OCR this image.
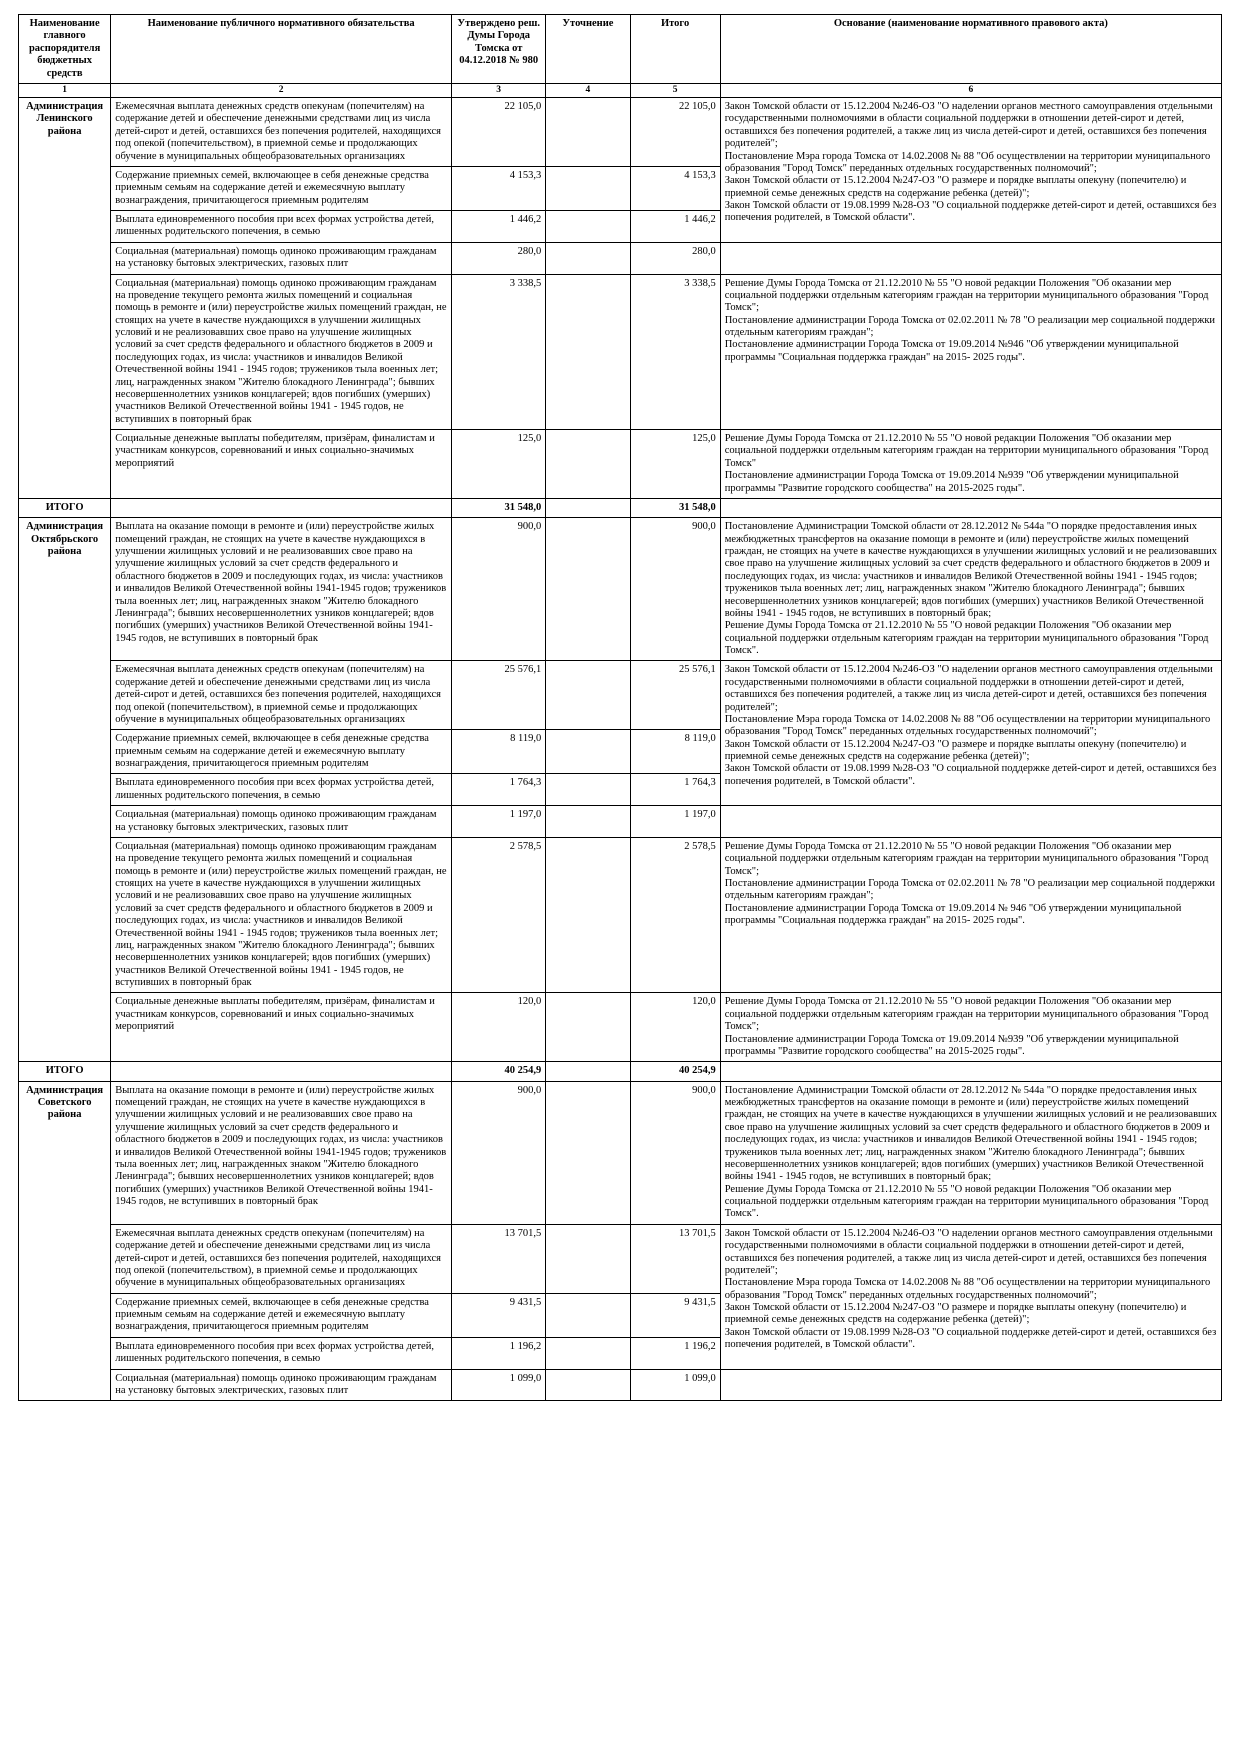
Наименование главного распорядителя бюджетных средств	Наименование публичного нормативного обязательства	Утверждено реш. Думы Города Томска от 04.12.2018 № 980	Уточнение	Итого	Основание (наименование нормативного правового акта)
1	2	3	4	5	6
Администрация Ленинского района	Ежемесячная выплата денежных средств опекунам (попечителям) на содержание детей и обеспечение денежными средствами лиц из числа детей-сирот и детей, оставшихся без попечения родителей, находящихся под опекой (попечительством), в приемной семье и продолжающих обучение в муниципальных общеобразовательных организациях	22 105,0		22 105,0	Закон Томской области от 15.12.2004 №246-ОЗ "О наделении органов местного самоуправления отдельными государственными полномочиями в области социальной поддержки в отношении детей-сирот и детей, оставшихся без попечения родителей, а также лиц из числа детей-сирот и детей, оставшихся без попечения родителей";
Постановление Мэра города Томска от 14.02.2008 № 88 "Об осуществлении на территории муниципального образования "Город Томск" переданных отдельных государственных полномочий";
Закон Томской области от 15.12.2004 №247-ОЗ "О размере и порядке выплаты опекуну (попечителю) и приемной семье денежных средств на содержание ребенка (детей)";
Закон Томской области от 19.08.1999 №28-ОЗ "О социальной поддержке детей-сирот и детей, оставшихся без попечения родителей, в Томской области".
	Содержание приемных семей, включающее в себя денежные средства приемным семьям на содержание детей и ежемесячную выплату вознаграждения, причитающегося приемным родителям	4 153,3		4 153,3	
	Выплата единовременного пособия при всех формах устройства детей, лишенных родительского попечения, в семью	1 446,2		1 446,2	
	Социальная (материальная) помощь одиноко проживающим гражданам на установку бытовых электрических, газовых плит	280,0		280,0	
Социальная (материальная) помощь одиноко проживающим гражданам на проведение текущего ремонта жилых помещений и социальная помощь в ремонте и (или) переустройстве жилых помещений граждан, не стоящих на учете в качестве нуждающихся в улучшении жилищных условий и не реализовавших свое право на улучшение жилищных условий за счет средств федерального и областного бюджетов в 2009 и последующих годах, из числа: участников и инвалидов Великой Отечественной войны 1941 - 1945 годов; тружеников тыла военных лет; лиц, награжденных знаком "Жителю блокадного Ленинграда"; бывших несовершеннолетних узников концлагерей; вдов погибших (умерших) участников Великой Отечественной войны 1941 - 1945 годов, не вступивших в повторный брак	3 338,5		3 338,5	Решение Думы Города Томска от 21.12.2010 № 55 "О новой редакции Положения "Об оказании мер социальной поддержки отдельным категориям граждан на территории муниципального образования "Город Томск";
Постановление администрации Города Томска от 02.02.2011 № 78 "О реализации мер социальной поддержки отдельным категориям граждан";
Постановление администрации Города Томска от 19.09.2014 №946 "Об утверждении муниципальной программы "Социальная поддержка граждан" на 2015- 2025 годы".
	Социальные денежные выплаты победителям, призёрам, финалистам и участникам конкурсов, соревнований и иных социально-значимых мероприятий	125,0		125,0	Решение Думы Города Томска от 21.12.2010 № 55 "О новой редакции Положения "Об оказании мер социальной поддержки отдельным категориям граждан на территории муниципального образования "Город Томск"
Постановление администрации Города Томска от 19.09.2014 №939 "Об утверждении муниципальной программы "Развитие городского сообщества" на 2015-2025 годы".
ИТОГО		31 548,0		31 548,0	
Администрация Октябрьского района	Выплата на оказание помощи в ремонте и (или) переустройстве жилых помещений граждан, не стоящих на учете в качестве нуждающихся в улучшении жилищных условий и не реализовавших свое право на улучшение жилищных условий за счет средств федерального и областного бюджетов в 2009 и последующих годах, из числа: участников и инвалидов Великой Отечественной войны 1941-1945 годов; тружеников тыла военных лет; лиц, награжденных знаком "Жителю блокадного Ленинграда"; бывших несовершеннолетних узников концлагерей; вдов погибших (умерших) участников Великой Отечественной войны 1941-1945 годов, не вступивших в повторный брак	900,0		900,0	Постановление Администрации Томской области от 28.12.2012 № 544а "О порядке предоставления иных межбюджетных трансфертов на оказание помощи в ремонте и (или) переустройстве жилых помещений граждан, не стоящих на учете в качестве нуждающихся в улучшении жилищных условий и не реализовавших свое право на улучшение жилищных условий за счет средств федерального и областного бюджетов в 2009 и последующих годах, из числа: участников и инвалидов Великой Отечественной войны 1941 - 1945 годов; тружеников тыла военных лет; лиц, награжденных знаком "Жителю блокадного Ленинграда"; бывших несовершеннолетних узников концлагерей; вдов погибших (умерших) участников Великой Отечественной войны 1941 - 1945 годов, не вступивших в повторный брак;
Решение Думы Города Томска от 21.12.2010 № 55 "О новой редакции Положения "Об оказании мер социальной поддержки отдельным категориям граждан на территории муниципального образования "Город Томск".
Ежемесячная выплата денежных средств опекунам (попечителям) на содержание детей и обеспечение денежными средствами лиц из числа детей-сирот и детей, оставшихся без попечения родителей, находящихся под опекой (попечительством), в приемной семье и продолжающих обучение в муниципальных общеобразовательных организациях	25 576,1		25 576,1	Закон Томской области от 15.12.2004 №246-ОЗ "О наделении органов местного самоуправления отдельными государственными полномочиями в области социальной поддержки в отношении детей-сирот и детей, оставшихся без попечения родителей, а также лиц из числа детей-сирот и детей, оставшихся без попечения родителей";
Постановление Мэра города Томска от 14.02.2008 № 88 "Об осуществлении на территории муниципального образования "Город Томск" переданных отдельных государственных полномочий";
Закон Томской области от 15.12.2004 №247-ОЗ "О размере и порядке выплаты опекуну (попечителю) и приемной семье денежных средств на содержание ребенка (детей)";
Закон Томской области от 19.08.1999 №28-ОЗ "О социальной поддержке детей-сирот и детей, оставшихся без попечения родителей, в Томской области".
	Содержание приемных семей, включающее в себя денежные средства приемным семьям на содержание детей и ежемесячную выплату вознаграждения, причитающегося приемным родителям	8 119,0		8 119,0	
	Выплата единовременного пособия при всех формах устройства детей, лишенных родительского попечения, в семью	1 764,3		1 764,3	
	Социальная (материальная) помощь одиноко проживающим гражданам на установку бытовых электрических, газовых плит	1 197,0		1 197,0	
Социальная (материальная) помощь одиноко проживающим гражданам на проведение текущего ремонта жилых помещений и социальная помощь в ремонте и (или) переустройстве жилых помещений граждан, не стоящих на учете в качестве нуждающихся в улучшении жилищных условий и не реализовавших свое право на улучшение жилищных условий за счет средств федерального и областного бюджетов в 2009 и последующих годах, из числа: участников и инвалидов Великой Отечественной войны 1941 - 1945 годов; тружеников тыла военных лет; лиц, награжденных знаком "Жителю блокадного Ленинграда"; бывших несовершеннолетних узников концлагерей; вдов погибших (умерших) участников Великой Отечественной войны 1941 - 1945 годов, не вступивших в повторный брак	2 578,5		2 578,5	Решение Думы Города Томска от 21.12.2010 № 55 "О новой редакции Положения "Об оказании мер социальной поддержки отдельным категориям граждан на территории муниципального образования "Город Томск";
Постановление администрации Города Томска от 02.02.2011 № 78 "О реализации мер социальной поддержки отдельным категориям граждан";
Постановление администрации Города Томска от 19.09.2014 № 946 "Об утверждении муниципальной программы "Социальная поддержка граждан" на 2015- 2025 годы".
	Социальные денежные выплаты победителям, призёрам, финалистам и участникам конкурсов, соревнований и иных социально-значимых мероприятий	120,0		120,0	Решение Думы Города Томска от 21.12.2010 № 55 "О новой редакции Положения "Об оказании мер социальной поддержки отдельным категориям граждан на территории муниципального образования "Город Томск";
Постановление администрации Города Томска от 19.09.2014 №939 "Об утверждении муниципальной программы "Развитие городского сообщества" на 2015-2025 годы".
ИТОГО		40 254,9		40 254,9	
Администрация Советского района	Выплата на оказание помощи в ремонте и (или) переустройстве жилых помещений граждан, не стоящих на учете в качестве нуждающихся в улучшении жилищных условий и не реализовавших свое право на улучшение жилищных условий за счет средств федерального и областного бюджетов в 2009 и последующих годах, из числа: участников и инвалидов Великой Отечественной войны 1941-1945 годов; тружеников тыла военных лет; лиц, награжденных знаком "Жителю блокадного Ленинграда"; бывших несовершеннолетних узников концлагерей; вдов погибших (умерших) участников Великой Отечественной войны 1941-1945 годов, не вступивших в повторный брак	900,0		900,0	Постановление Администрации Томской области от 28.12.2012 № 544а "О порядке предоставления иных межбюджетных трансфертов на оказание помощи в ремонте и (или) переустройстве жилых помещений граждан, не стоящих на учете в качестве нуждающихся в улучшении жилищных условий и не реализовавших свое право на улучшение жилищных условий за счет средств федерального и областного бюджетов в 2009 и последующих годах, из числа: участников и инвалидов Великой Отечественной войны 1941 - 1945 годов; тружеников тыла военных лет; лиц, награжденных знаком "Жителю блокадного Ленинграда"; бывших несовершеннолетних узников концлагерей; вдов погибших (умерших) участников Великой Отечественной войны 1941 - 1945 годов, не вступивших в повторный брак;
Решение Думы Города Томска от 21.12.2010 № 55 "О новой редакции Положения "Об оказании мер социальной поддержки отдельным категориям граждан на территории муниципального образования "Город Томск".
Ежемесячная выплата денежных средств опекунам (попечителям) на содержание детей и обеспечение денежными средствами лиц из числа детей-сирот и детей, оставшихся без попечения родителей, находящихся под опекой (попечительством), в приемной семье и продолжающих обучение в муниципальных общеобразовательных организациях	13 701,5		13 701,5	Закон Томской области от 15.12.2004 №246-ОЗ "О наделении органов местного самоуправления отдельными государственными полномочиями в области социальной поддержки в отношении детей-сирот и детей, оставшихся без попечения родителей, а также лиц из числа детей-сирот и детей, оставшихся без попечения родителей";
Постановление Мэра города Томска от 14.02.2008 № 88 "Об осуществлении на территории муниципального образования "Город Томск" переданных отдельных государственных полномочий";
Закон Томской области от 15.12.2004 №247-ОЗ "О размере и порядке выплаты опекуну (попечителю) и приемной семье денежных средств на содержание ребенка (детей)";
Закон Томской области от 19.08.1999 №28-ОЗ "О социальной поддержке детей-сирот и детей, оставшихся без попечения родителей, в Томской области".
	Содержание приемных семей, включающее в себя денежные средства приемным семьям на содержание детей и ежемесячную выплату вознаграждения, причитающегося приемным родителям	9 431,5		9 431,5	
	Выплата единовременного пособия при всех формах устройства детей, лишенных родительского попечения, в семью	1 196,2		1 196,2	
	Социальная (материальная) помощь одиноко проживающим гражданам на установку бытовых электрических, газовых плит	1 099,0		1 099,0	
